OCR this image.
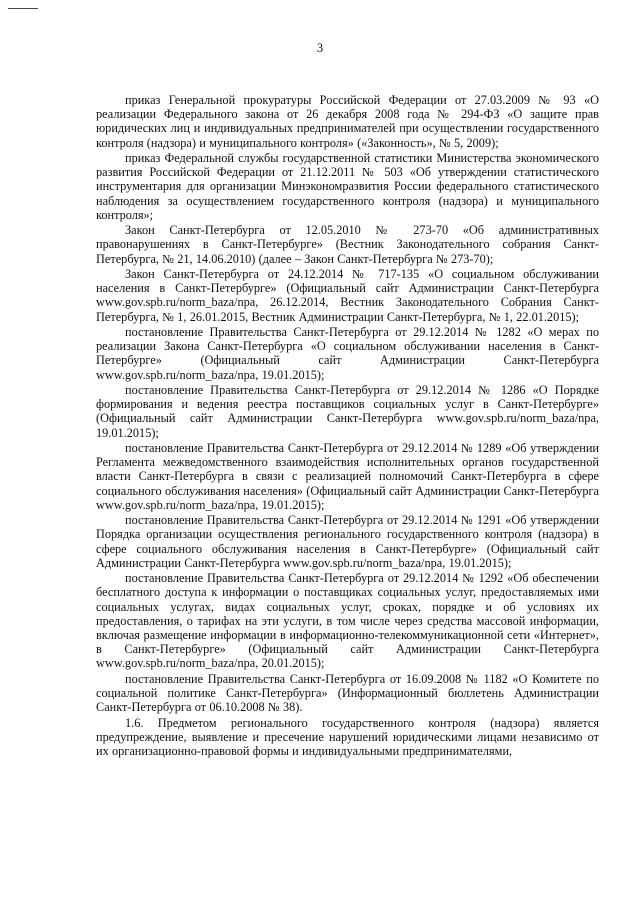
3

приказ Генеральной прокуратуры Российской Федерации от 27.03.2009 № 93 «О реализации Федерального закона от 26 декабря 2008 года № 294-ФЗ «О защите прав юридических лиц и индивидуальных предпринимателей при осуществлении государственного контроля (надзора) и муниципального контроля» («Законность», № 5, 2009);

приказ Федеральной службы государственной статистики Министерства экономического развития Российской Федерации от 21.12.2011 № 503 «Об утверждении статистического инструментария для организации Минэкономразвития России федерального статистического наблюдения за осуществлением государственного контроля (надзора) и муниципального контроля»;

Закон Санкт-Петербурга от 12.05.2010 № 273-70 «Об административных правонарушениях в Санкт-Петербурге» (Вестник Законодательного собрания Санкт-Петербурга, № 21, 14.06.2010) (далее – Закон Санкт-Петербурга № 273-70);

Закон Санкт-Петербурга от 24.12.2014 № 717-135 «О социальном обслуживании населения в Санкт-Петербурге» (Официальный сайт Администрации Санкт-Петербурга www.gov.spb.ru/norm_baza/npa, 26.12.2014, Вестник Законодательного Собрания Санкт-Петербурга, № 1, 26.01.2015, Вестник Администрации Санкт-Петербурга, № 1, 22.01.2015);

постановление Правительства Санкт-Петербурга от 29.12.2014 № 1282 «О мерах по реализации Закона Санкт-Петербурга «О социальном обслуживании населения в Санкт-Петербурге» (Официальный сайт Администрации Санкт-Петербурга www.gov.spb.ru/norm_baza/npa, 19.01.2015);

постановление Правительства Санкт-Петербурга от 29.12.2014 № 1286 «О Порядке формирования и ведения реестра поставщиков социальных услуг в Санкт-Петербурге» (Официальный сайт Администрации Санкт-Петербурга www.gov.spb.ru/norm_baza/npa, 19.01.2015);

постановление Правительства Санкт-Петербурга от 29.12.2014 № 1289 «Об утверждении Регламента межведомственного взаимодействия исполнительных органов государственной власти Санкт-Петербурга в связи с реализацией полномочий Санкт-Петербурга в сфере социального обслуживания населения» (Официальный сайт Администрации Санкт-Петербурга www.gov.spb.ru/norm_baza/npa, 19.01.2015);

постановление Правительства Санкт-Петербурга от 29.12.2014 № 1291 «Об утверждении Порядка организации осуществления регионального государственного контроля (надзора) в сфере социального обслуживания населения в Санкт-Петербурге» (Официальный сайт Администрации Санкт-Петербурга www.gov.spb.ru/norm_baza/npa, 19.01.2015);

постановление Правительства Санкт-Петербурга от 29.12.2014 № 1292 «Об обеспечении бесплатного доступа к информации о поставщиках социальных услуг, предоставляемых ими социальных услугах, видах социальных услуг, сроках, порядке и об условиях их предоставления, о тарифах на эти услуги, в том числе через средства массовой информации, включая размещение информации в информационно-телекоммуникационной сети «Интернет», в Санкт-Петербурге» (Официальный сайт Администрации Санкт-Петербурга www.gov.spb.ru/norm_baza/npa, 20.01.2015);

постановление Правительства Санкт-Петербурга от 16.09.2008 № 1182 «О Комитете по социальной политике Санкт-Петербурга» (Информационный бюллетень Администрации Санкт-Петербурга от 06.10.2008 № 38).

1.6. Предметом регионального государственного контроля (надзора) является предупреждение, выявление и пресечение нарушений юридическими лицами независимо от их организационно-правовой формы и индивидуальными предпринимателями,
